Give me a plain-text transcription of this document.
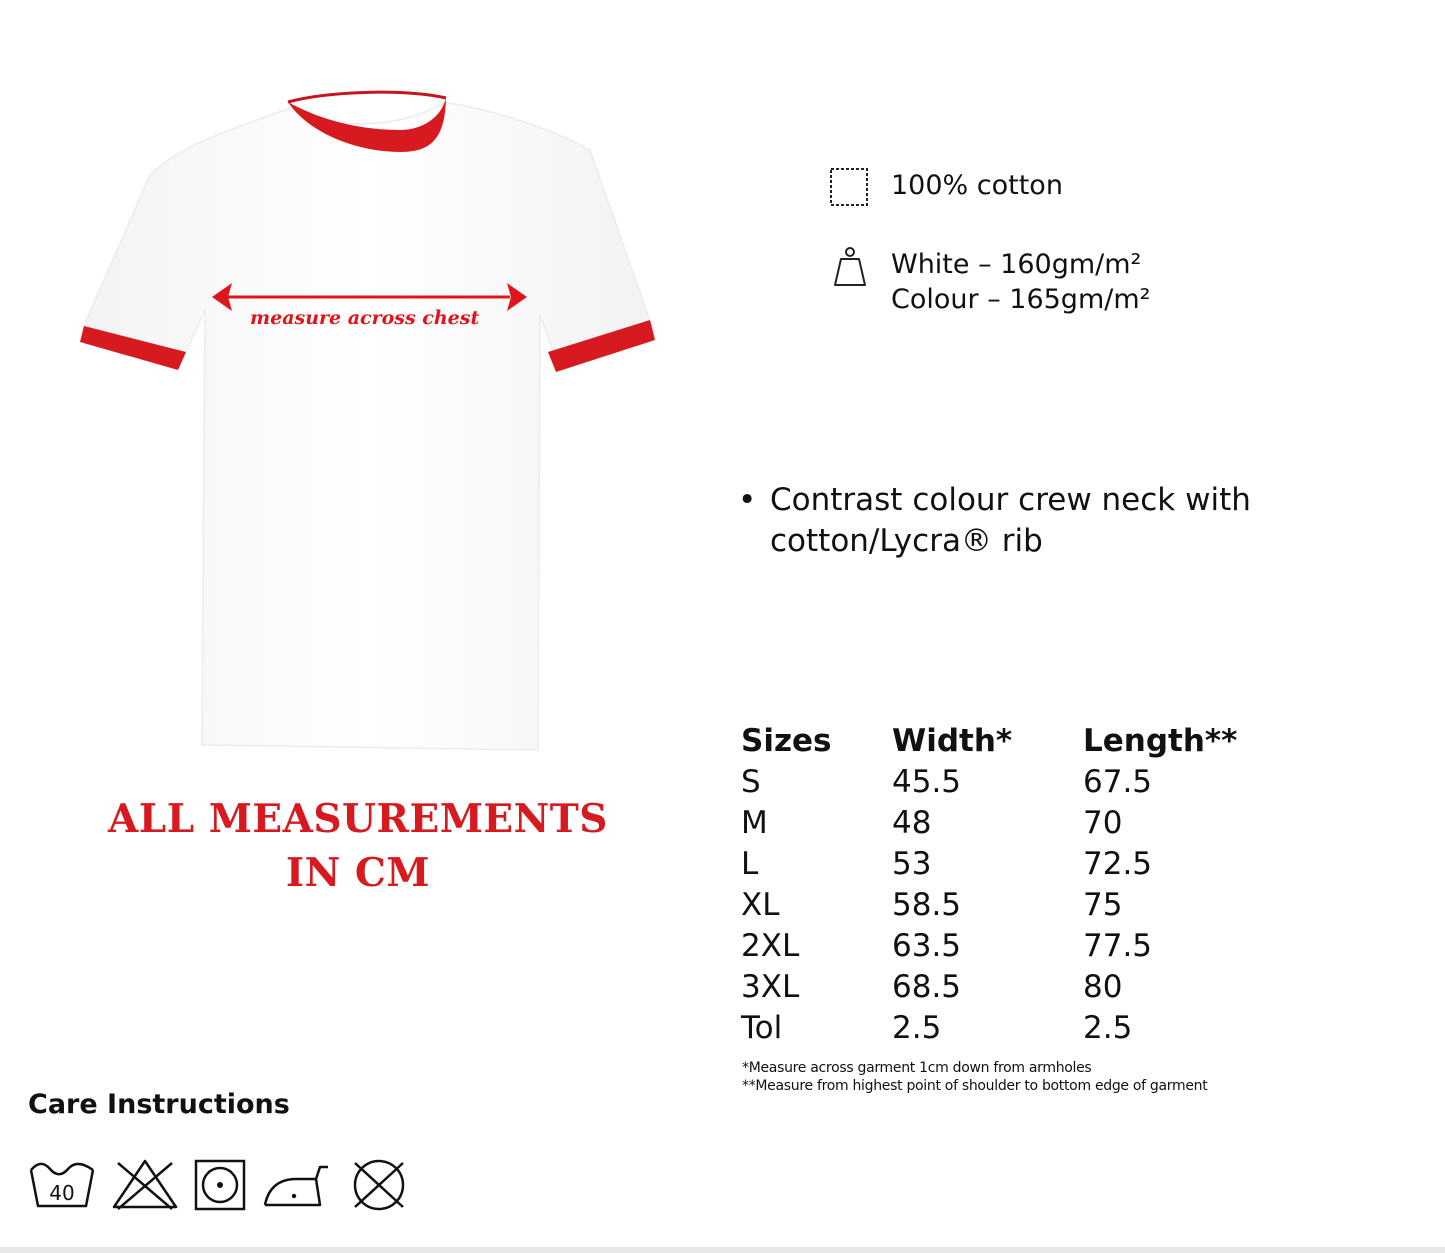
measure across chest
ALL MEASUREMENTS
IN CM
100% cotton
White – 160gm/m²
Colour – 165gm/m²
• Contrast colour crew neck with
cotton/Lycra® rib
Sizes	Width*	Length**
S	45.5	67.5
M	48	70
L	53	72.5
XL	58.5	75
2XL	63.5	77.5
3XL	68.5	80
Tol	2.5	2.5
*Measure across garment 1cm down from armholes
**Measure from highest point of shoulder to bottom edge of garment
Care Instructions
40
